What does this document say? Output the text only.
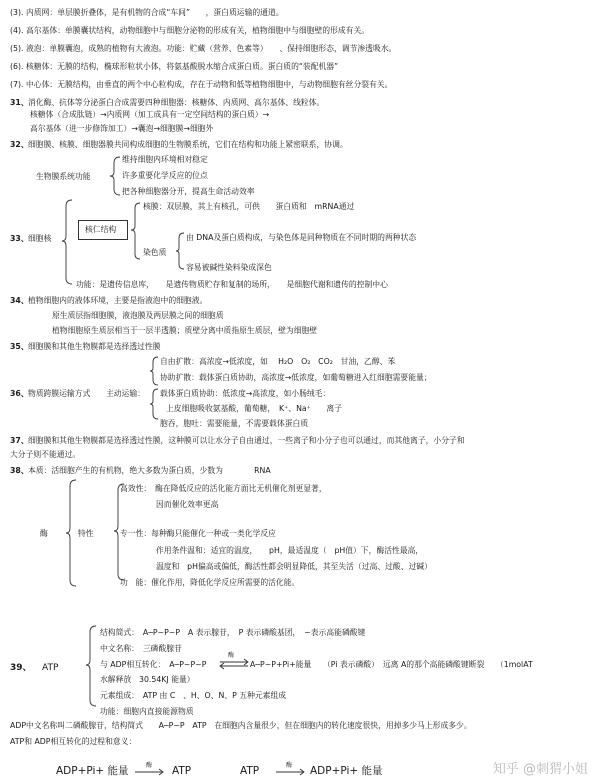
(3). 内质网：单层膜折叠体，是有机物的合成“车间”　　，蛋白质运输的通道。
(4). 高尔基体：单膜囊状结构，动物细胞中与细胞分泌物的形成有关，植物细胞中与细胞壁的形成有关。
(5). 液泡：单膜囊泡，成熟的植物有大液泡。功能：贮藏（营养、色素等）　　、保持细胞形态，调节渗透吸水。
(6). 核糖体：无膜的结构，椭球形粒状小体，将氨基酸脱水缩合成蛋白质。蛋白质的“装配机器”
(7). 中心体：无膜结构，由垂直的两个中心粒构成，存在于动物和低等植物细胞中，与动物细胞有丝分裂有关。
31、 消化酶、抗体等分泌蛋白合成需要四种细胞器：核糖体、内质网、高尔基体、线粒体。
核糖体（合成肽链）→内质网（加工成具有一定空间结构的蛋白质）→
高尔基体（进一步修饰加工）→囊泡→细胞膜→细胞外
32、 细胞膜、核膜、细胞器膜共同构成细胞的生物膜系统，它们在结构和功能上紧密联系，协调。
生物膜系统功能
维持细胞内环境相对稳定
许多重要化学反应的位点
把各种细胞器分开，提高生命活动效率
33、 细胞核
核仁结构
核膜：双层膜，其上有核孔，可供　　蛋白质和　mRNA通过
染色质
由 DNA及蛋白质构成，与染色体是同种物质在不同时期的两种状态
容易被碱性染料染成深色
功能：是遗传信息库，　　是遗传物质贮存和复制的场所，　　是细胞代谢和遗传的控制中心
34、 植物细胞内的液体环境，主要是指液泡中的细胞液。
原生质层指细胞膜，液泡膜及两层膜之间的细胞质
植物细胞原生质层相当于一层半透膜；质壁分离中质指原生质层，壁为细胞壁
35、 细胞膜和其他生物膜都是选择透过性膜
36、 物质跨膜运输方式　　主动运输：
自由扩散：高浓度→低浓度，如　 H₂O　O₂　CO₂　甘油，乙醇、苯
协助扩散：载体蛋白质协助，高浓度→低浓度，如葡萄糖进入红细胞需要能量；
载体蛋白质协助：低浓度→高浓度，如小肠绒毛：
上皮细胞吸收氨基酸，葡萄糖，　K⁺、Na⁺　　离子
胞吞，胞吐：需要能量，不需要载体蛋白质
37、 细胞膜和其他生物膜都是选择透过性膜，这种膜可以让水分子自由通过，一些离子和小分子也可以通过，而其他离子，小分子和
大分子则不能通过。
38、 本质：活细胞产生的有机物，绝大多数为蛋白质，少数为　　　　RNA
酶	特性
高效性：　酶在降低反应的活化能方面比无机催化剂更显著，
因而催化效率更高
专一性：每种酶只能催化一种或一类化学反应
作用条件温和：适宜的温度，　　pH，最适温度（　pH值）下，酶活性最高，
温度和　pH偏高或偏低，酶活性都会明显降低，其至失活（过高、过酸、过碱）
功　能：催化作用，降低化学反应所需要的活化能。
39、 ATP
结构简式：　A─P~P~P　A 表示腺苷，　P 表示磷酸基团，　~表示高能磷酸键
中文名称：　三磷酸腺苷
与 ADP相互转化：　A─P~P~P
酶
A─P~P+Pi+能量　　（Pi 表示磷酸）　远离 A的那个高能磷酸键断裂　　（1molAT
水解释放　30.54KJ 能量）
元素组成：　ATP 由 C　、H、O、N、P 五种元素组成
功能：细胞内直接能源物质
ADP中文名称叫二磷酸腺苷，结构简式　　A─P~P　ATP　在细胞内含量很少，但在细胞内的转化速度很快，用掉多少马上形成多少。
ATP和 ADP相互转化的过程和意义：
ADP+Pi+ 能量	酶 ATP	ATP	酶 ADP+Pi+ 能量	知乎 @刺猬小姐
